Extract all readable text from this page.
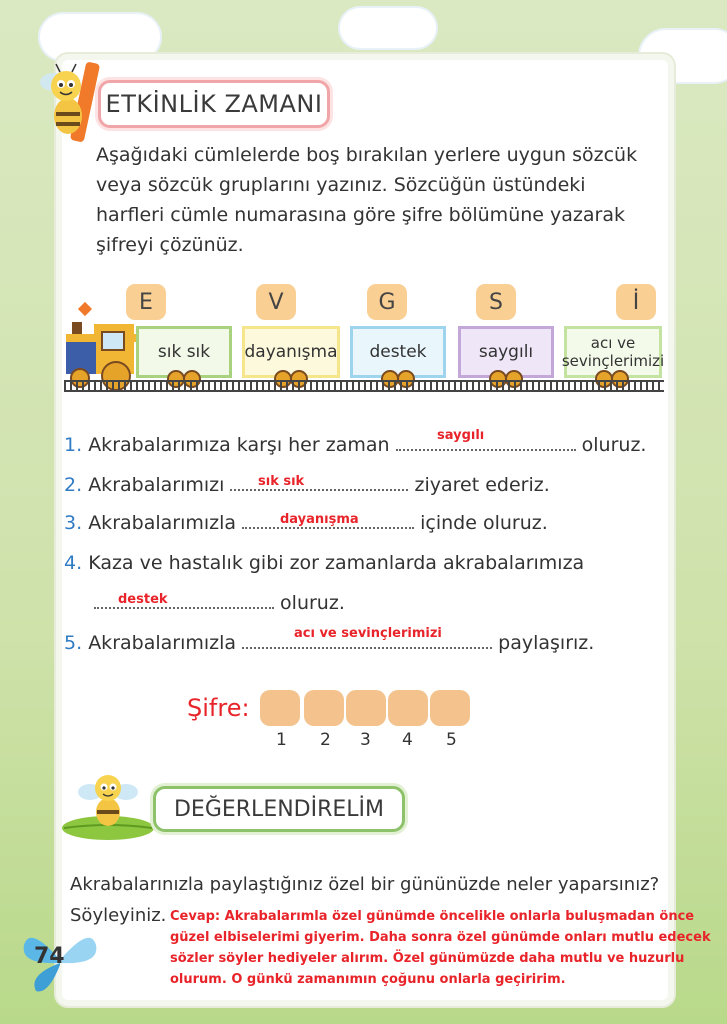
ETKİNLİK ZAMANI
Aşağıdaki cümlelerde boş bırakılan yerlere uygun sözcük veya sözcük gruplarını yazınız. Sözcüğün üstündeki harfleri cümle numarasına göre şifre bölümüne yazarak şifreyi çözünüz.
E	V	G	S	İ
sık sık	dayanışma	destek	saygılı	acı ve sevinçlerimizi
1. Akrabalarımıza karşı her zaman	oluruz.
saygılı
2. Akrabalarımızı	ziyaret ederiz.
sık sık
3. Akrabalarımızla	içinde oluruz.
dayanışma
4. Kaza ve hastalık gibi zor zamanlarda akrabalarımıza
oluruz.
destek
5. Akrabalarımızla	paylaşırız.
acı ve sevinçlerimizi
Şifre:
1 2 3 4 5
DEĞERLENDİRELİM
Akrabalarınızla paylaştığınız özel bir gününüzde neler yaparsınız?
Söyleyiniz. Cevap: Akrabalarımla özel günümde öncelikle onlarla buluşmadan önce güzel elbiselerimi giyerim. Daha sonra özel günümde onları mutlu edecek sözler söyler hediyeler alırım. Özel günümüzde daha mutlu ve huzurlu olurum. O günkü zamanımın çoğunu onlarla geçiririm.
74
